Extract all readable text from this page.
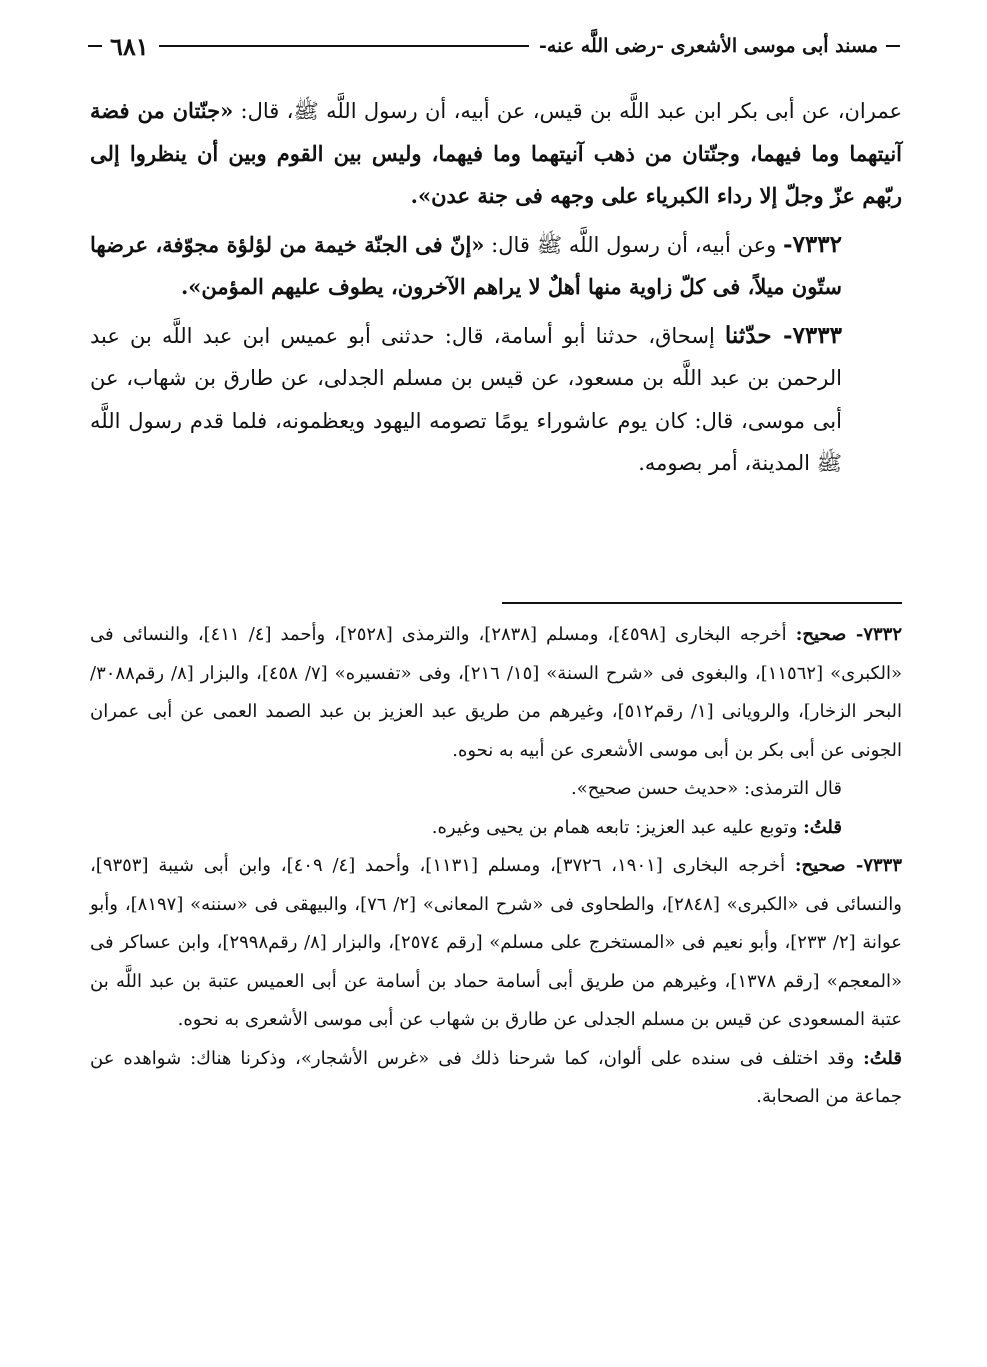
مسند أبى موسى الأشعرى -رضى اللَّه عنه-
٦٨١

عمران، عن أبى بكر ابن عبد اللَّه بن قيس، عن أبيه، أن رسول اللَّه ﷺ، قال: «جنّتان من فضة آنيتهما وما فيهما، وجنّتان من ذهب آنيتهما وما فيهما، وليس بين القوم وبين أن ينظروا إلى ربّهم عزّ وجلّ إلا رداء الكبرياء على وجهه فى جنة عدن».

٧٣٣٢- وعن أبيه، أن رسول اللَّه ﷺ قال: «إنّ فى الجنّة خيمة من لؤلؤة مجوّفة، عرضها ستّون ميلاً، فى كلّ زاوية منها أهلٌ لا يراهم الآخرون، يطوف عليهم المؤمن».

٧٣٣٣- حدّثنا إسحاق، حدثنا أبو أسامة، قال: حدثنى أبو عميس ابن عبد اللَّه بن عبد الرحمن بن عبد اللَّه بن مسعود، عن قيس بن مسلم الجدلى، عن طارق بن شهاب، عن أبى موسى، قال: كان يوم عاشوراء يومًا تصومه اليهود ويعظمونه، فلما قدم رسول اللَّه ﷺ المدينة، أمر بصومه.

٧٣٣٢- صحيح: أخرجه البخارى [٤٥٩٨]، ومسلم [٢٨٣٨]، والترمذى [٢٥٢٨]، وأحمد [٤/ ٤١١]، والنسائى فى «الكبرى» [١١٥٦٢]، والبغوى فى «شرح السنة» [١٥/ ٢١٦]، وفى «تفسيره» [٧/ ٤٥٨]، والبزار [٨/ رقم٣٠٨٨/ البحر الزخار]، والرويانى [١/ رقم٥١٢]، وغيرهم من طريق عبد العزيز بن عبد الصمد العمى عن أبى عمران الجونى عن أبى بكر بن أبى موسى الأشعرى عن أبيه به نحوه.

قال الترمذى: «حديث حسن صحيح».

قلتُ: وتوبع عليه عبد العزيز: تابعه همام بن يحيى وغيره.

٧٣٣٣- صحيح: أخرجه البخارى [١٩٠١، ٣٧٢٦]، ومسلم [١١٣١]، وأحمد [٤/ ٤٠٩]، وابن أبى شيبة [٩٣٥٣]، والنسائى فى «الكبرى» [٢٨٤٨]، والطحاوى فى «شرح المعانى» [٢/ ٧٦]، والبيهقى فى «سننه» [٨١٩٧]، وأبو عوانة [٢/ ٢٣٣]، وأبو نعيم فى «المستخرج على مسلم» [رقم ٢٥٧٤]، والبزار [٨/ رقم٢٩٩٨]، وابن عساكر فى «المعجم» [رقم ١٣٧٨]، وغيرهم من طريق أبى أسامة حماد بن أسامة عن أبى العميس عتبة بن عبد اللَّه بن عتبة المسعودى عن قيس بن مسلم الجدلى عن طارق بن شهاب عن أبى موسى الأشعرى به نحوه.

قلتُ: وقد اختلف فى سنده على ألوان، كما شرحنا ذلك فى «غرس الأشجار»، وذكرنا هناك: شواهده عن جماعة من الصحابة.
